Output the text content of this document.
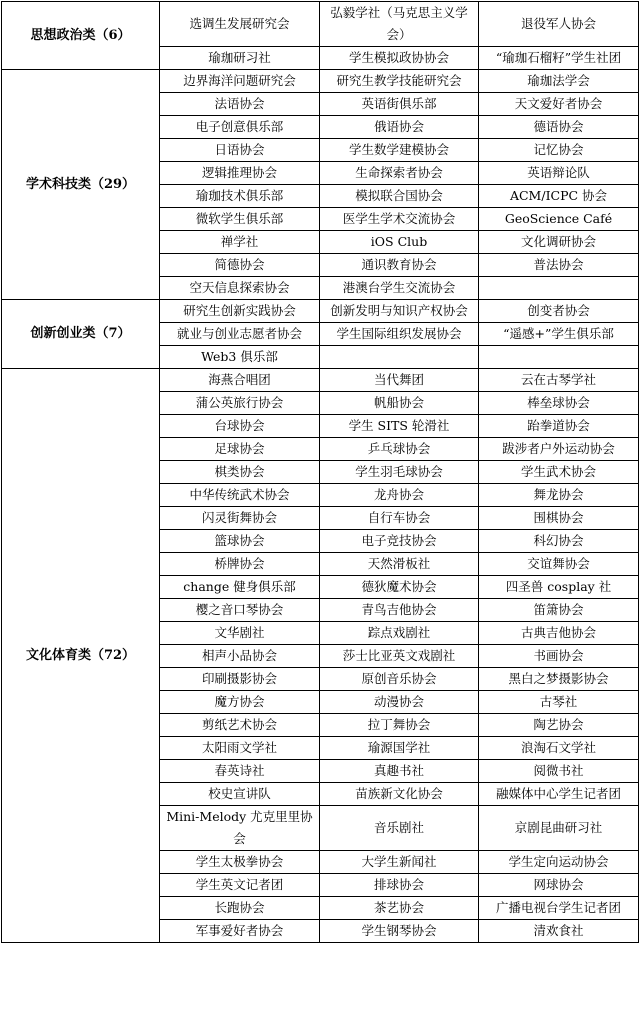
思想政治类（6）	选调生发展研究会	弘毅学社（马克思主义学会）	退役军人协会
	瑜珈研习社	学生模拟政协协会	“瑜珈石榴籽”学生社团
学术科技类（29）	边界海洋问题研究会	研究生教学技能研究会	瑜珈法学会
	法语协会	英语街俱乐部	天文爱好者协会
	电子创意俱乐部	俄语协会	德语协会
	日语协会	学生数学建模协会	记忆协会
	逻辑推理协会	生命探索者协会	英语辩论队
	瑜珈技术俱乐部	模拟联合国协会	ACM/ICPC 协会
	微软学生俱乐部	医学生学术交流协会	GeoScience Café
	禅学社	iOS Club	文化调研协会
	简德协会	通识教育协会	普法协会
	空天信息探索协会	港澳台学生交流协会	
创新创业类（7）	研究生创新实践协会	创新发明与知识产权协会	创变者协会
	就业与创业志愿者协会	学生国际组织发展协会	“遥感+”学生俱乐部
	Web3 俱乐部		
文化体育类（72）	海燕合唱团	当代舞团	云在古琴学社
	蒲公英旅行协会	帆船协会	棒垒球协会
	台球协会	学生 SITS 轮滑社	跆拳道协会
	足球协会	乒乓球协会	跋涉者户外运动协会
	棋类协会	学生羽毛球协会	学生武术协会
	中华传统武术协会	龙舟协会	舞龙协会
	闪灵街舞协会	自行车协会	围棋协会
	篮球协会	电子竞技协会	科幻协会
	桥牌协会	天然滑板社	交谊舞协会
	change 健身俱乐部	德狄魔术协会	四圣兽 cosplay 社
	樱之音口琴协会	青鸟吉他协会	笛箫协会
	文华剧社	踪点戏剧社	古典吉他协会
	相声小品协会	莎士比亚英文戏剧社	书画协会
	印刷摄影协会	原创音乐协会	黑白之梦摄影协会
	魔方协会	动漫协会	古琴社
	剪纸艺术协会	拉丁舞协会	陶艺协会
	太阳雨文学社	瑜源国学社	浪淘石文学社
	春英诗社	真趣书社	阅微书社
	校史宣讲队	苗族新文化协会	融媒体中心学生记者团
	Mini-Melody 尤克里里协会	音乐剧社	京剧昆曲研习社
	学生太极拳协会	大学生新闻社	学生定向运动协会
	学生英文记者团	排球协会	网球协会
	长跑协会	茶艺协会	广播电视台学生记者团
	军事爱好者协会	学生钢琴协会	清欢食社
